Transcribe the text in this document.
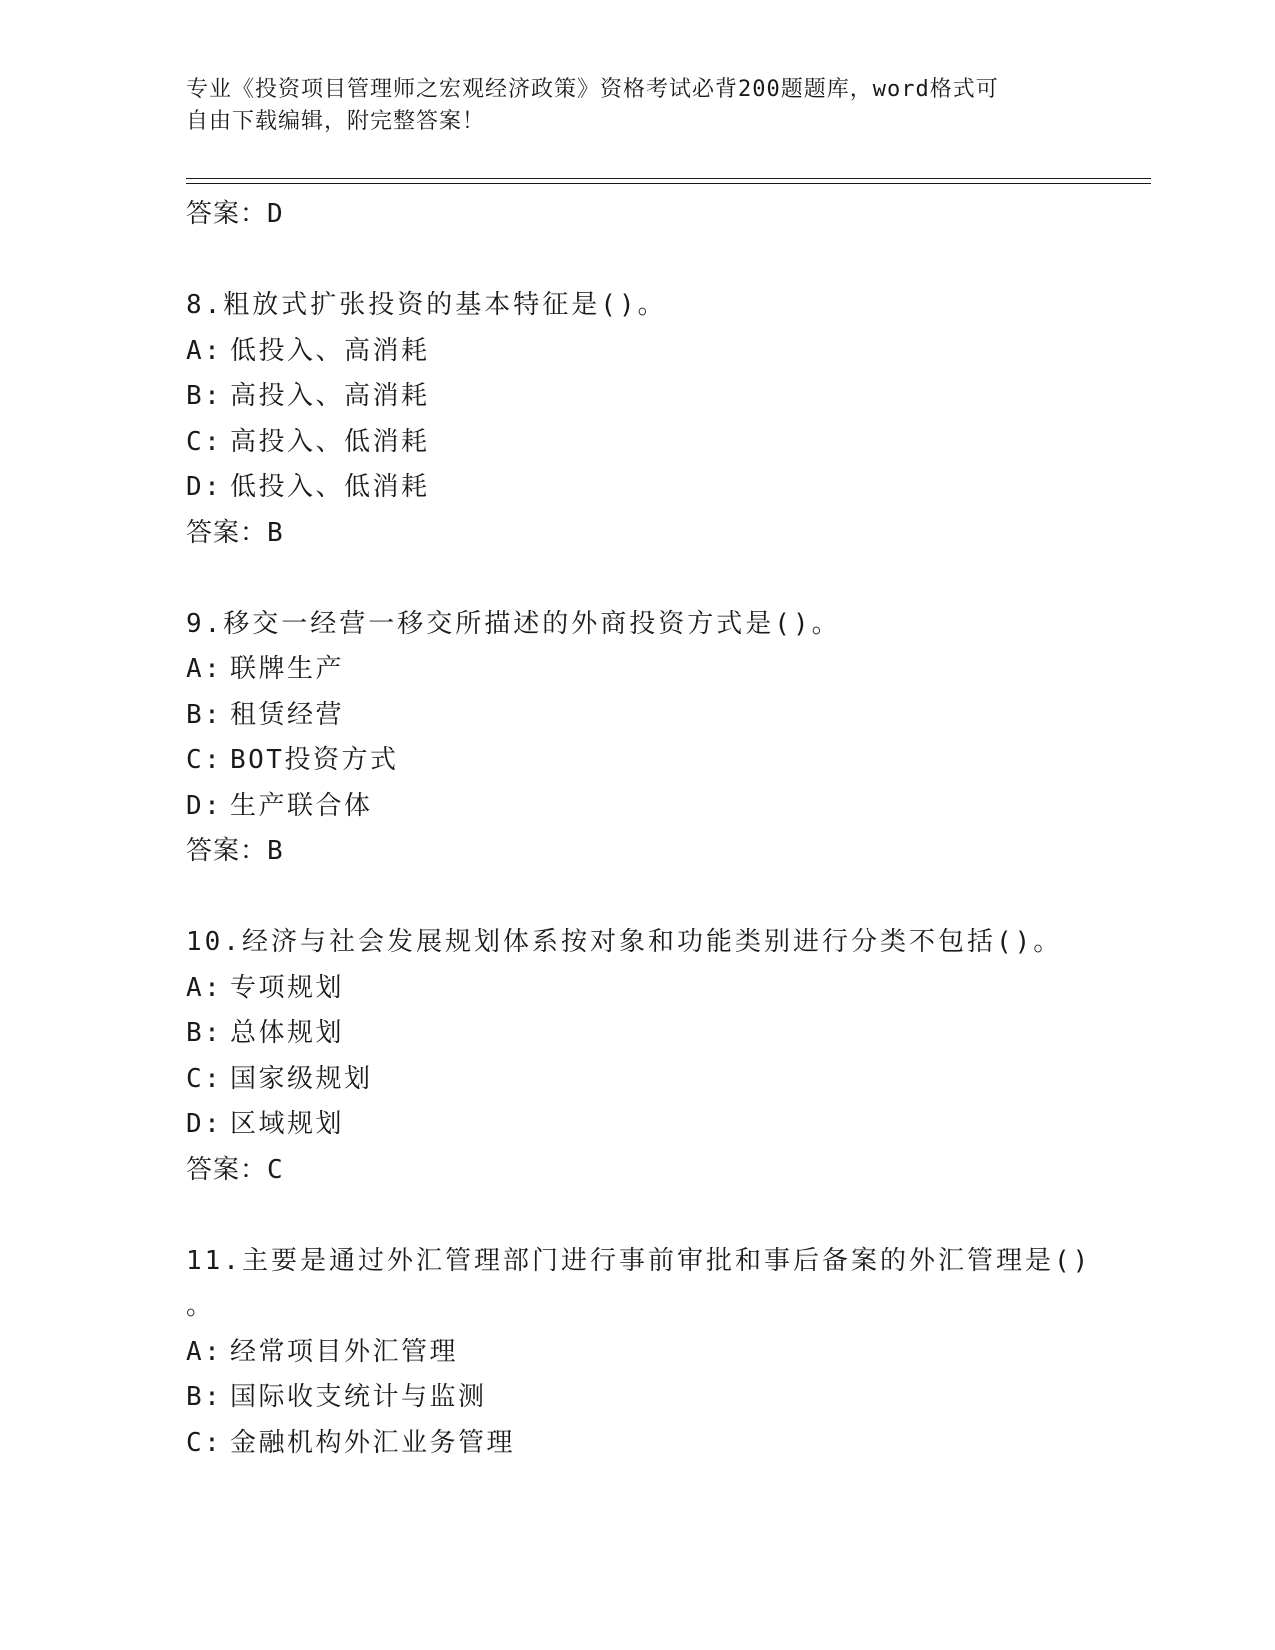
专业《投资项目管理师之宏观经济政策》资格考试必背200题题库，word格式可
自由下载编辑，附完整答案！
答案：D
8.粗放式扩张投资的基本特征是()。
A: 低投入、高消耗
B: 高投入、高消耗
C: 高投入、低消耗
D: 低投入、低消耗
答案：B
9.移交一经营一移交所描述的外商投资方式是()。
A: 联牌生产
B: 租赁经营
C: BOT投资方式
D: 生产联合体
答案：B
10.经济与社会发展规划体系按对象和功能类别进行分类不包括()。
A: 专项规划
B: 总体规划
C: 国家级规划
D: 区域规划
答案：C
11.主要是通过外汇管理部门进行事前审批和事后备案的外汇管理是()
。
A: 经常项目外汇管理
B: 国际收支统计与监测
C: 金融机构外汇业务管理
